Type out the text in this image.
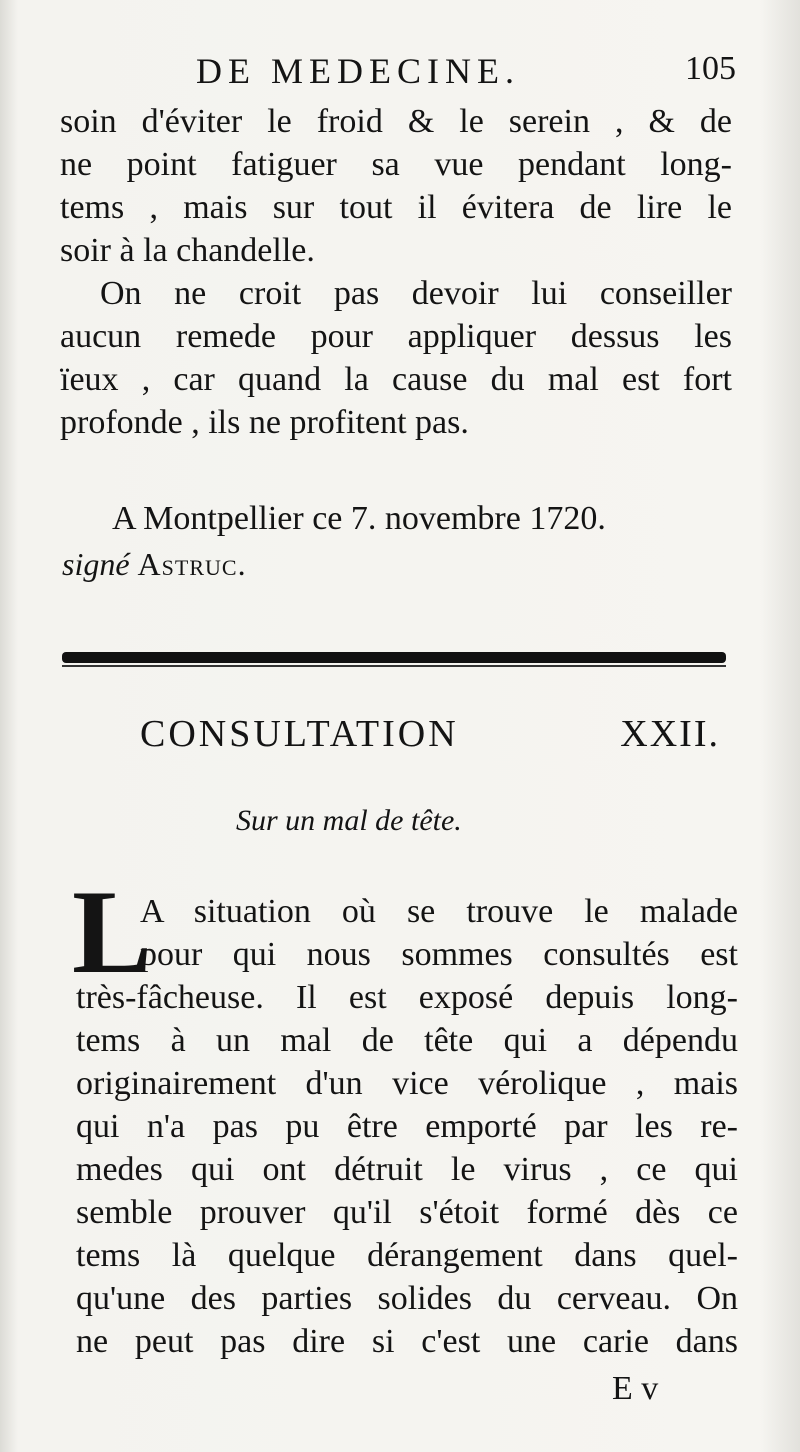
DE MEDECINE.	105
soin d'éviter le froid & le serein , & de
ne point fatiguer sa vue pendant long-
tems , mais sur tout il évitera de lire le
soir à la chandelle.
On ne croit pas devoir lui conseiller
aucun remede pour appliquer dessus les
ïeux , car quand la cause du mal est fort
profonde , ils ne profitent pas.
A Montpellier ce 7. novembre 1720.
signé Astruc.
CONSULTATION	XXII.
Sur un mal de tête.
L
A situation où se trouve le malade
pour qui nous sommes consultés est
très-fâcheuse. Il est exposé depuis long-
tems à un mal de tête qui a dépendu
originairement d'un vice vérolique , mais
qui n'a pas pu être emporté par les re-
medes qui ont détruit le virus , ce qui
semble prouver qu'il s'étoit formé dès ce
tems là quelque dérangement dans quel-
qu'une des parties solides du cerveau. On
ne peut pas dire si c'est une carie dans
E v
